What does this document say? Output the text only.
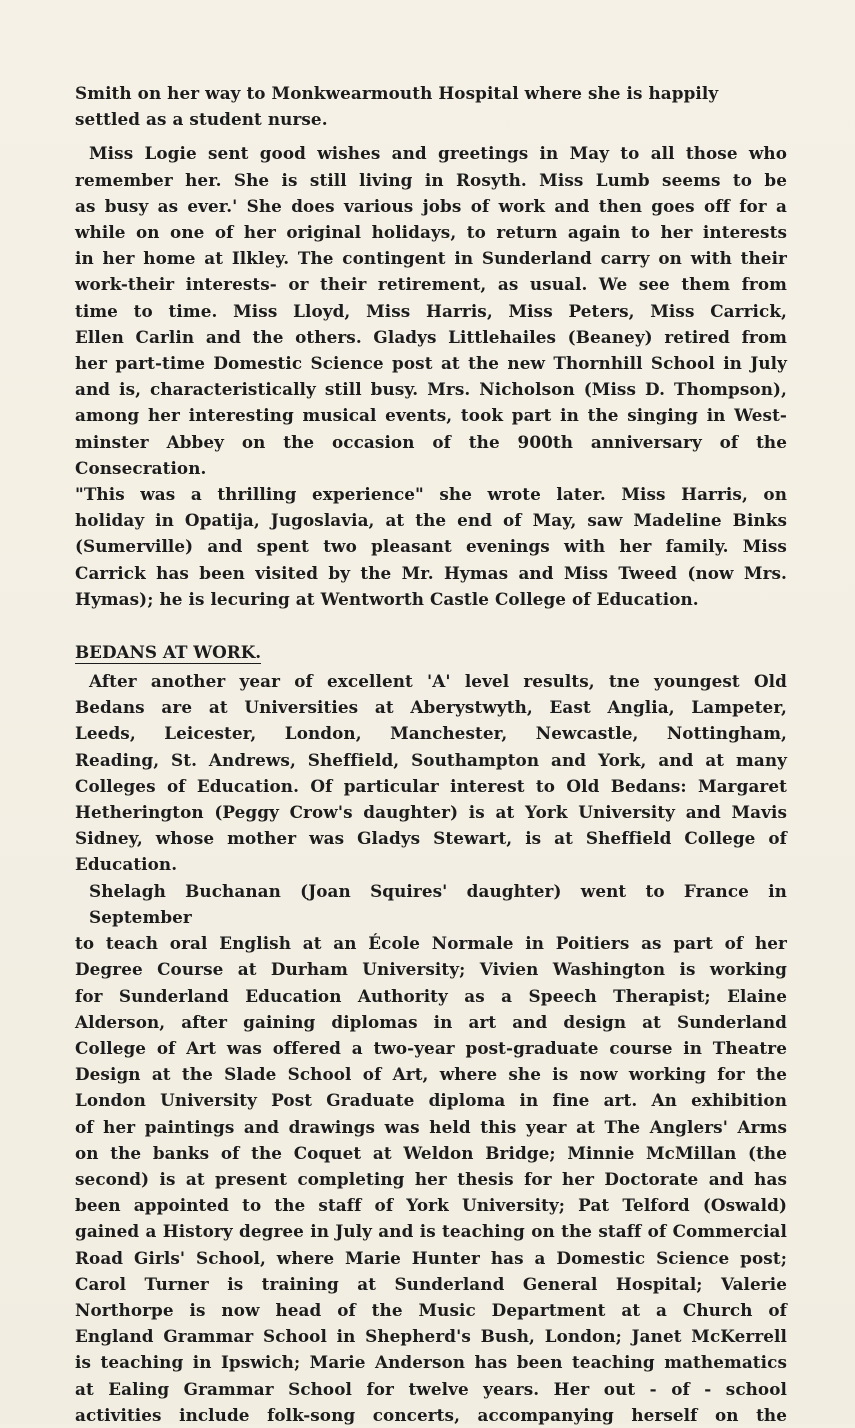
Smith on her way to Monkwearmouth Hospital where she is happily
settled as a student nurse.
Miss Logie sent good wishes and greetings in May to all those who
remember her. She is still living in Rosyth. Miss Lumb seems to be
as busy as ever.' She does various jobs of work and then goes off for a
while on one of her original holidays, to return again to her interests
in her home at Ilkley. The contingent in Sunderland carry on with their
work-their interests- or their retirement, as usual. We see them from
time to time. Miss Lloyd, Miss Harris, Miss Peters, Miss Carrick,
Ellen Carlin and the others. Gladys Littlehailes (Beaney) retired from
her part-time Domestic Science post at the new Thornhill School in July
and is, characteristically still busy. Mrs. Nicholson (Miss D. Thompson),
among her interesting musical events, took part in the singing in West-
minster Abbey on the occasion of the 900th anniversary of the Consecration.
"This was a thrilling experience" she wrote later. Miss Harris, on
holiday in Opatija, Jugoslavia, at the end of May, saw Madeline Binks
(Sumerville) and spent two pleasant evenings with her family. Miss
Carrick has been visited by the Mr. Hymas and Miss Tweed (now Mrs.
Hymas); he is lecuring at Wentworth Castle College of Education.
BEDANS AT WORK.
After another year of excellent 'A' level results, tne youngest Old
Bedans are at Universities at Aberystwyth, East Anglia, Lampeter,
Leeds, Leicester, London, Manchester, Newcastle, Nottingham,
Reading, St. Andrews, Sheffield, Southampton and York, and at many
Colleges of Education. Of particular interest to Old Bedans: Margaret
Hetherington (Peggy Crow's daughter) is at York University and Mavis
Sidney, whose mother was Gladys Stewart, is at Sheffield College of
Education.
Shelagh Buchanan (Joan Squires' daughter) went to France in September
to teach oral English at an École Normale in Poitiers as part of her
Degree Course at Durham University; Vivien Washington is working
for Sunderland Education Authority as a Speech Therapist; Elaine
Alderson, after gaining diplomas in art and design at Sunderland
College of Art was offered a two-year post-graduate course in Theatre
Design at the Slade School of Art, where she is now working for the
London University Post Graduate diploma in fine art. An exhibition
of her paintings and drawings was held this year at The Anglers' Arms
on the banks of the Coquet at Weldon Bridge; Minnie McMillan (the
second) is at present completing her thesis for her Doctorate and has
been appointed to the staff of York University; Pat Telford (Oswald)
gained a History degree in July and is teaching on the staff of Commercial
Road Girls' School, where Marie Hunter has a Domestic Science post;
Carol Turner is training at Sunderland General Hospital; Valerie
Northorpe is now head of the Music Department at a Church of
England Grammar School in Shepherd's Bush, London; Janet McKerrell
is teaching in Ipswich; Marie Anderson has been teaching mathematics
at Ealing Grammar School for twelve years. Her out - of - school
activities include folk-song concerts, accompanying herself on the
